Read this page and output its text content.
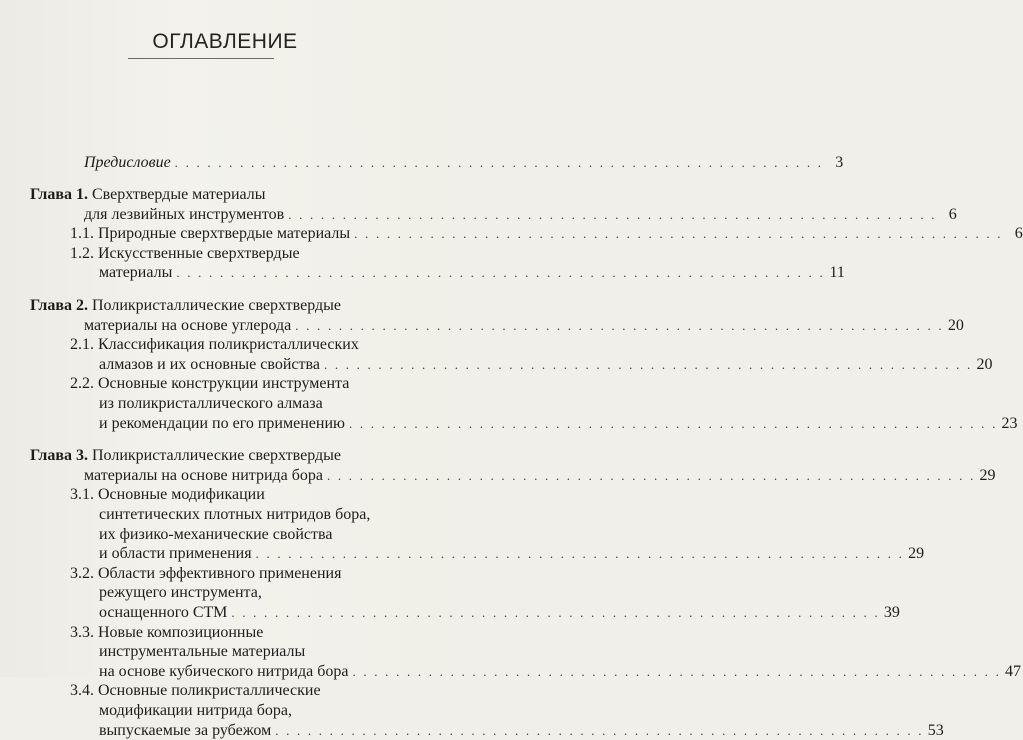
ОГЛАВЛЕНИЕ
Предисловие . . . . . . . . . . . . . . . . . . . . . . . . . . . . . . . . . . . . . . . . . . . . . . . . . . . . . . . . . . . . 3
Глава 1. Сверхтвердые материалы
для лезвийных инструментов . . . . . . . . . . . . . . . . . . . . . . . . . . . . . . . . . . . . . . . . . . . . . . . . . . . . . . . . . . . . 6
1.1. Природные сверхтвердые материалы . . . . . . . . . . . . . . . . . . . . . . . . . . . . . . . . . . . . . . . . . . . . . . . . . . . . . . . . . . . . 6
1.2. Искусственные сверхтвердые
материалы . . . . . . . . . . . . . . . . . . . . . . . . . . . . . . . . . . . . . . . . . . . . . . . . . . . . . . . . . . . . 11
Глава 2. Поликристаллические сверхтвердые
материалы на основе углерода . . . . . . . . . . . . . . . . . . . . . . . . . . . . . . . . . . . . . . . . . . . . . . . . . . . . . . . . . . . . 20
2.1. Классификация поликристаллических
алмазов и их основные свойства . . . . . . . . . . . . . . . . . . . . . . . . . . . . . . . . . . . . . . . . . . . . . . . . . . . . . . . . . . . . 20
2.2. Основные конструкции инструмента
из поликристаллического алмаза
и рекомендации по его применению . . . . . . . . . . . . . . . . . . . . . . . . . . . . . . . . . . . . . . . . . . . . . . . . . . . . . . . . . . . . 23
Глава 3. Поликристаллические сверхтвердые
материалы на основе нитрида бора . . . . . . . . . . . . . . . . . . . . . . . . . . . . . . . . . . . . . . . . . . . . . . . . . . . . . . . . . . . . 29
3.1. Основные модификации
синтетических плотных нитридов бора,
их физико-механические свойства
и области применения . . . . . . . . . . . . . . . . . . . . . . . . . . . . . . . . . . . . . . . . . . . . . . . . . . . . . . . . . . . . 29
3.2. Области эффективного применения
режущего инструмента,
оснащенного СТМ . . . . . . . . . . . . . . . . . . . . . . . . . . . . . . . . . . . . . . . . . . . . . . . . . . . . . . . . . . . . 39
3.3. Новые композиционные
инструментальные материалы
на основе кубического нитрида бора . . . . . . . . . . . . . . . . . . . . . . . . . . . . . . . . . . . . . . . . . . . . . . . . . . . . . . . . . . . . 47
3.4. Основные поликристаллические
модификации нитрида бора,
выпускаемые за рубежом . . . . . . . . . . . . . . . . . . . . . . . . . . . . . . . . . . . . . . . . . . . . . . . . . . . . . . . . . . . . 53
